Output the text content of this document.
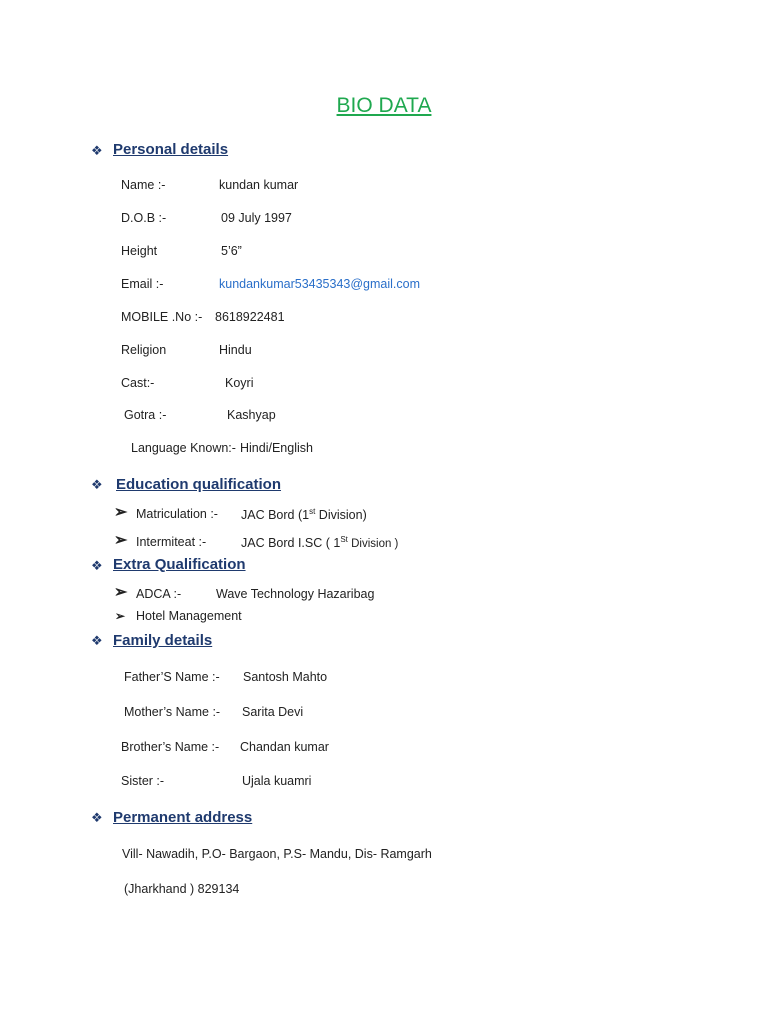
BIO DATA
❖ Personal details
Name :-	kundan kumar
D.O.B :-	09 July 1997
Height	5’6”
Email :-	kundankumar53435343@gmail.com
MOBILE .No :- 8618922481
Religion	Hindu
Cast:-	Koyri
Gotra :-	Kashyap
Language Known:- Hindi/English
❖ Education qualification
➢ Matriculation :- JAC Bord (1st Division)
➢ Intermiteat :-	JAC Bord I.SC ( 1St Division )
❖ Extra Qualification
➢ ADCA :-	Wave Technology Hazaribag
➢ Hotel Management
❖ Family details
Father’S Name :- Santosh Mahto
Mother’s Name :- Sarita Devi
Brother’s Name :- Chandan kumar
Sister :-	Ujala kuamri
❖ Permanent address
Vill- Nawadih, P.O- Bargaon, P.S- Mandu, Dis- Ramgarh
(Jharkhand ) 829134
